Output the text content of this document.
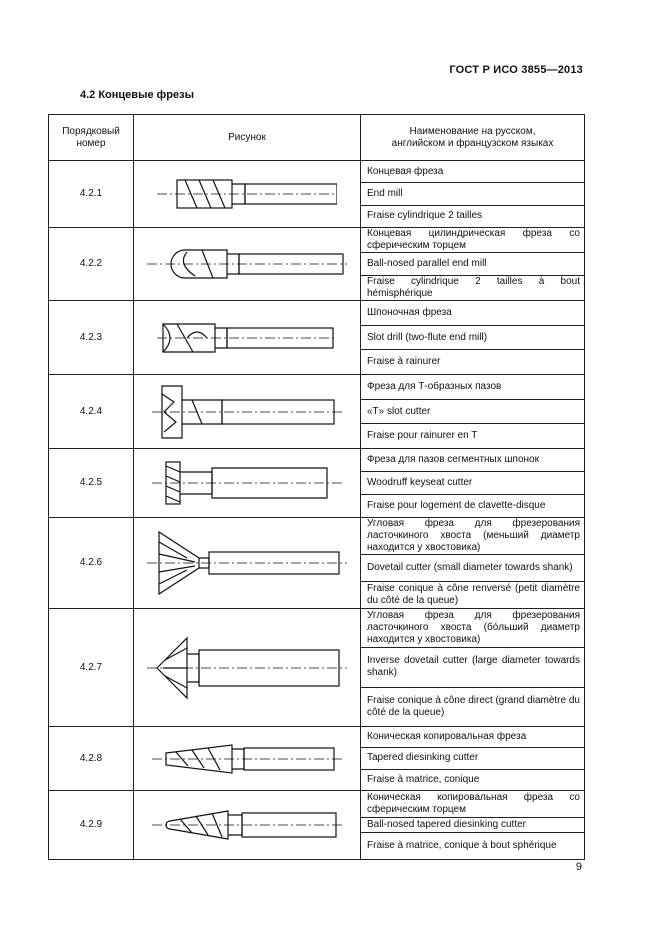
ГОСТ Р ИСО 3855—2013
4.2 Концевые фрезы
Порядковый номер	Рисунок	Наименование на русском, английском и французском языках
4.2.1		Концевая фреза
End mill
Fraise cylindrique 2 tailles

4.2.2		Концевая цилиндрическая фреза со сферическим торцем
Ball-nosed parallel end mill
Fraise cylindrique 2 tailles à bout hémisphérique

4.2.3		Шпоночная фреза
Slot drill (two-flute end mill)
Fraise à rainurer

4.2.4		Фреза для Т-образных пазов
«T» slot cutter
Fraise pour rainurer en T

4.2.5		Фреза для пазов сегментных шпонок
Woodruff keyseat cutter
Fraise pour logement de clavette-disque

4.2.6		Угловая фреза для фрезерования ласточкиного хвоста (меньший диаметр находится у хвостовика)
Dovetail cutter (small diameter towards shank)
Fraise conique à cône renversé (petit diamètre du côté de la queue)

4.2.7		Угловая фреза для фрезерования ласточкиного хвоста (бóльший диаметр находится у хвостовика)
Inverse dovetail cutter (large diameter towards shank)
Fraise conique à cône direct (grand diamètre du côté de la queue)

4.2.8		Коническая копировальная фреза
Tapered diesinking cutter
Fraise à matrice, conique

4.2.9		Коническая копировальная фреза со сферическим торцем
Ball-nosed tapered diesinking cutter
Fraise à matrice, conique à bout sphérique
9
